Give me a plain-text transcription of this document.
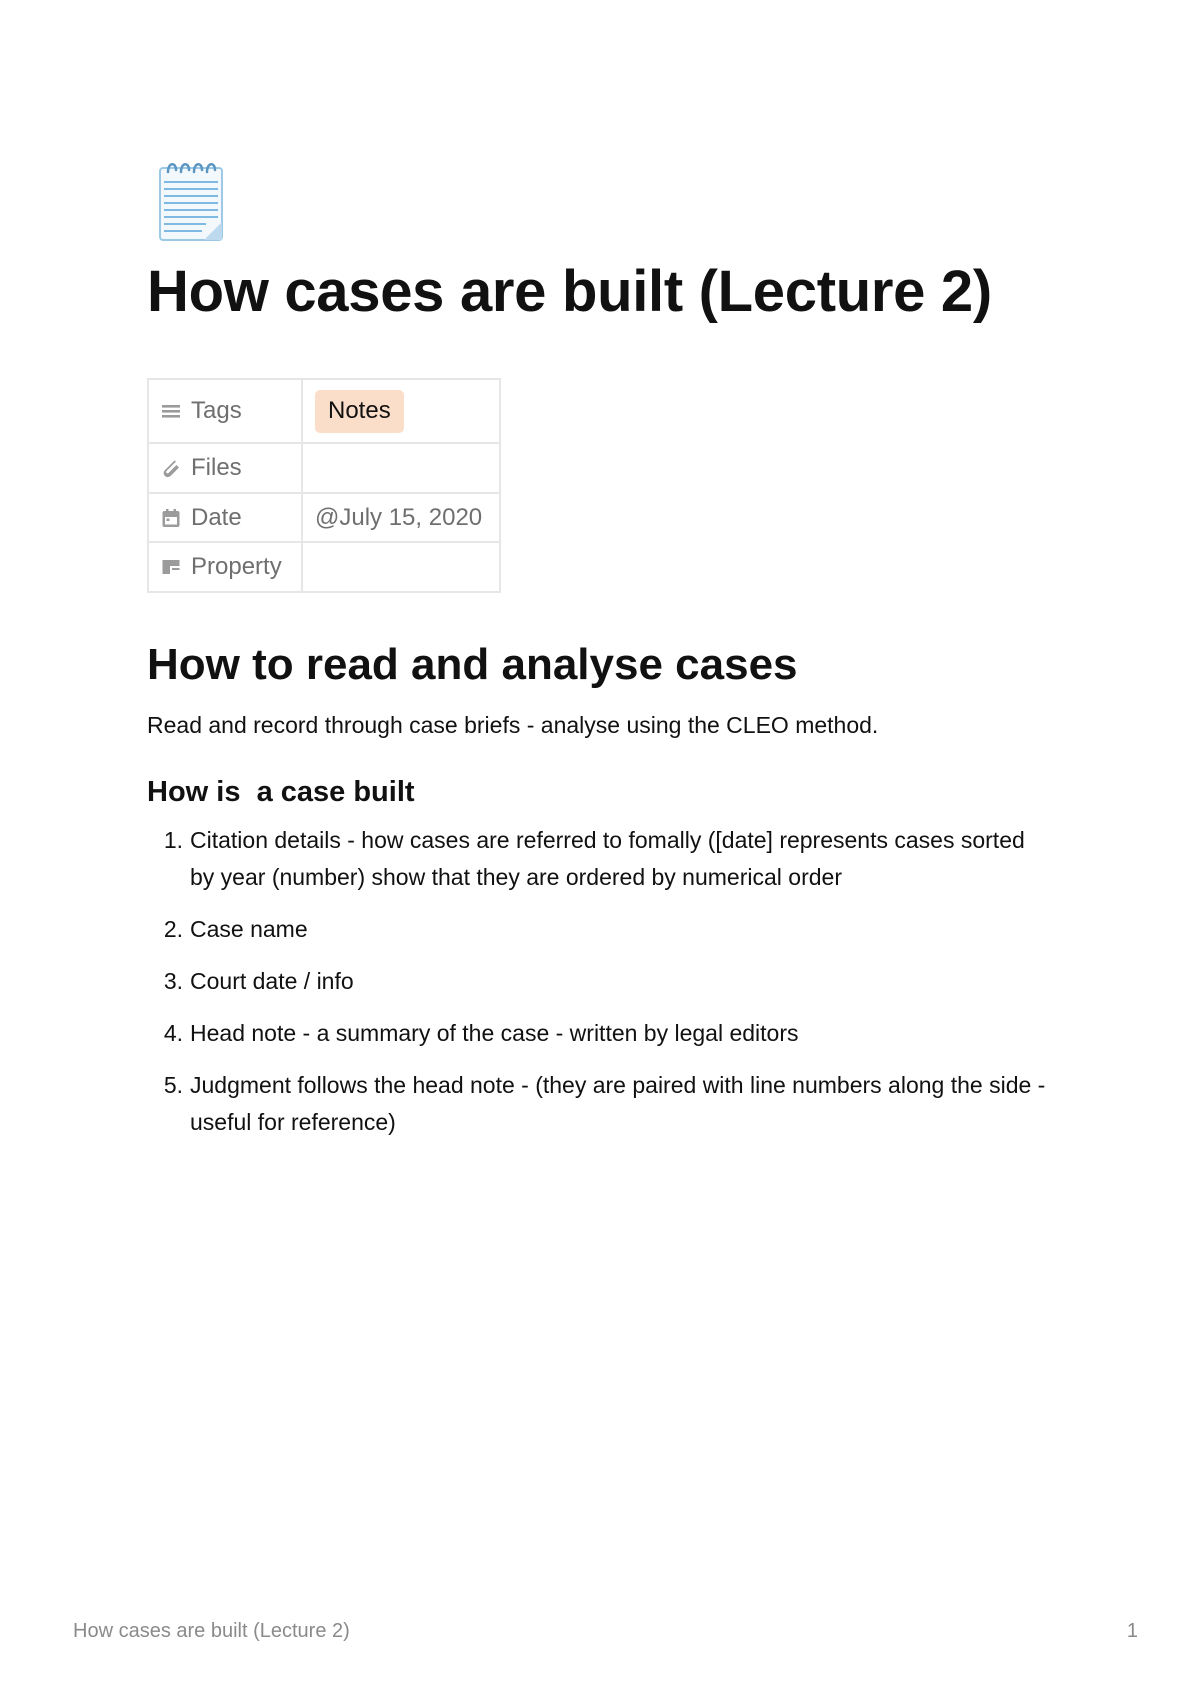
How cases are built (Lecture 2)
Tags	Notes

Files	

Date	@July 15, 2020

Property	

How to read and analyse cases

Read and record through case briefs - analyse using the CLEO method.

How is  a case built
1. Citation details - how cases are referred to fomally ([date] represents cases sorted by year (number) show that they are ordered by numerical order
2. Case name
3. Court date / info
4. Head note - a summary of the case - written by legal editors
5. Judgment follows the head note - (they are paired with line numbers along the side - useful for reference)
How cases are built (Lecture 2)	1
